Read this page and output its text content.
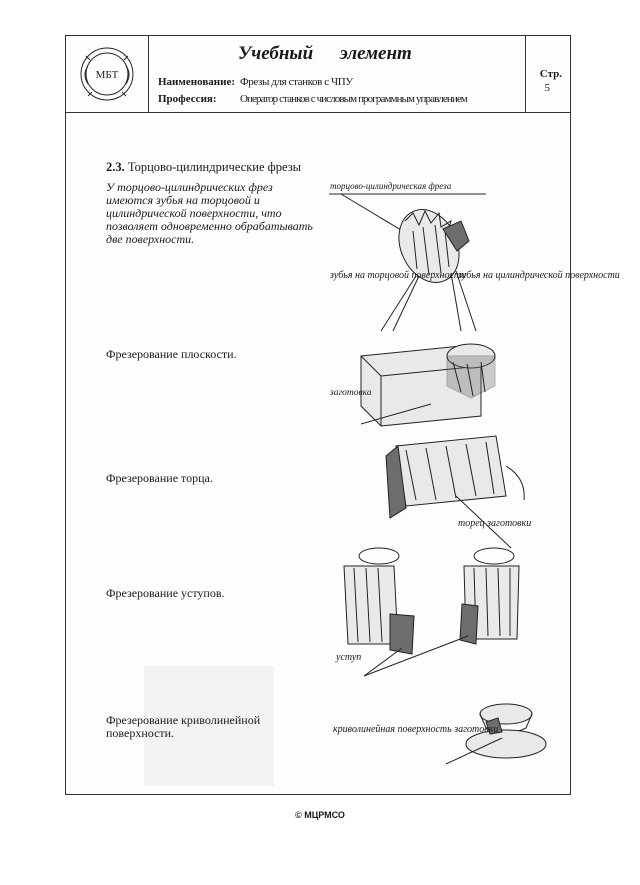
МБТ
Учебный элемент
Наименование: Фрезы для станков с ЧПУ
Профессия: Оператор станков с числовым программным управлением
Стр.
5
2.3. Торцово-цилиндрические фрезы
У торцово-цилиндрических фрез имеются зубья на торцовой и цилиндрической поверхности, что позволяет одновременно обрабатывать две поверхности.
торцово-цилиндрическая фреза
зубья на торцовой поверхности
зубья на цилиндрической поверхности
Фрезерование плоскости.
заготовка
Фрезерование торца.
торец заготовки
Фрезерование уступов.
уступ
Фрезерование криволинейной поверхности.	криволинейная поверхность заготовки
© МЦРМСО
